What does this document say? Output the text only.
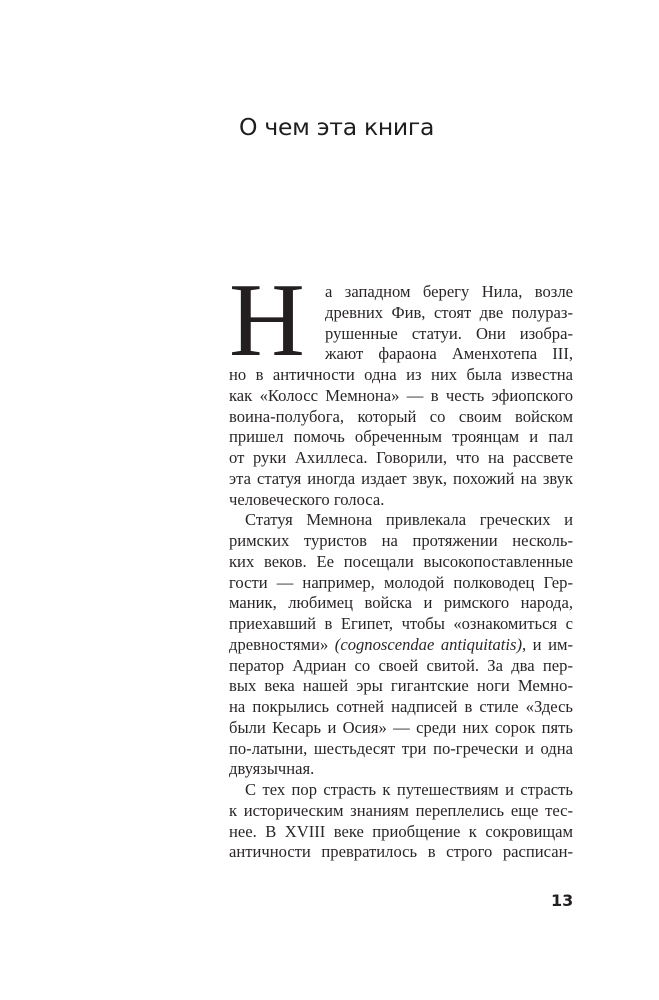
О чем эта книга
Н	а западном берегу Нила, возле
древних Фив, стоят две полураз-
рушенные статуи. Они изобра-
жают фараона Аменхотепа III,
но в античности одна из них была известна
как «Колосс Мемнона» — в честь эфиопского
воина-полубога, который со своим войском
пришел помочь обреченным троянцам и пал
от руки Ахиллеса. Говорили, что на рассвете
эта статуя иногда издает звук, похожий на звук
человеческого голоса.
Статуя Мемнона привлекала греческих и
римских туристов на протяжении несколь-
ких веков. Ее посещали высокопоставленные
гости — например, молодой полководец Гер-
маник, любимец войска и римского народа,
приехавший в Египет, чтобы «ознакомиться с
древностями» (cognoscendae antiquitatis), и им-
ператор Адриан со своей свитой. За два пер-
вых века нашей эры гигантские ноги Мемно-
на покрылись сотней надписей в стиле «Здесь
были Кесарь и Осия» — среди них сорок пять
по-латыни, шестьдесят три по-гречески и одна
двуязычная.
С тех пор страсть к путешествиям и страсть
к историческим знаниям переплелись еще тес-
нее. В XVIII веке приобщение к сокровищам
античности превратилось в строго расписан-
13
